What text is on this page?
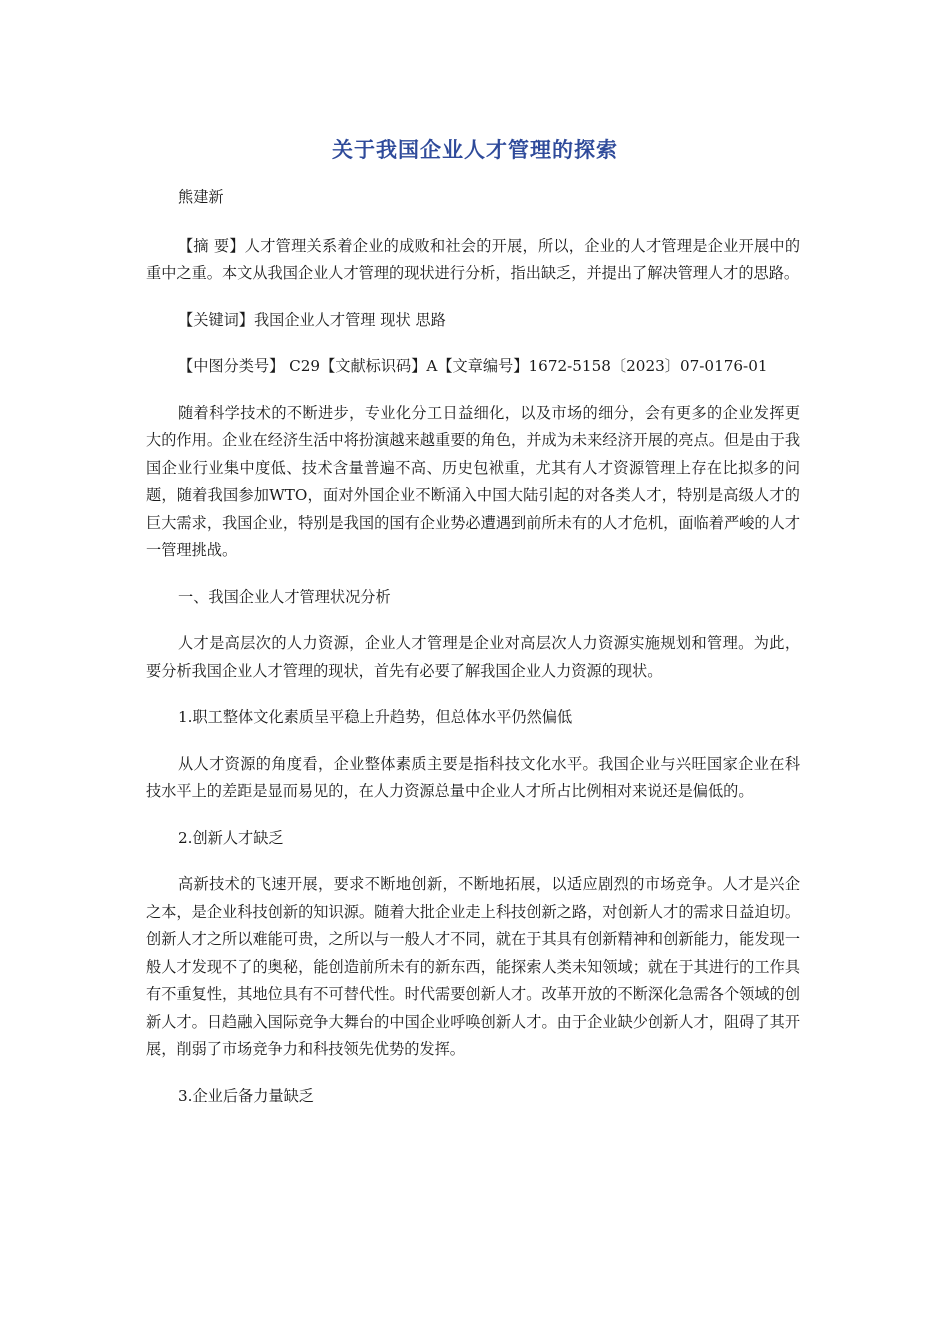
关于我国企业人才管理的探索

熊建新

【摘 要】人才管理关系着企业的成败和社会的开展，所以，企业的人才管理是企业开展中的重中之重。本文从我国企业人才管理的现状进行分析，指出缺乏，并提出了解决管理人才的思路。

【关键词】我国企业人才管理 现状 思路

【中图分类号】 C29【文献标识码】A【文章编号】1672-5158〔2023〕07-0176-01

随着科学技术的不断进步，专业化分工日益细化，以及市场的细分，会有更多的企业发挥更大的作用。企业在经济生活中将扮演越来越重要的角色，并成为未来经济开展的亮点。但是由于我国企业行业集中度低、技术含量普遍不高、历史包袱重，尤其有人才资源管理上存在比拟多的问题，随着我国参加WTO，面对外国企业不断涌入中国大陆引起的对各类人才，特别是高级人才的巨大需求，我国企业，特别是我国的国有企业势必遭遇到前所未有的人才危机，面临着严峻的人才一管理挑战。

一、我国企业人才管理状况分析

人才是高层次的人力资源，企业人才管理是企业对高层次人力资源实施规划和管理。为此，要分析我国企业人才管理的现状，首先有必要了解我国企业人力资源的现状。

1.职工整体文化素质呈平稳上升趋势，但总体水平仍然偏低

从人才资源的角度看，企业整体素质主要是指科技文化水平。我国企业与兴旺国家企业在科技水平上的差距是显而易见的，在人力资源总量中企业人才所占比例相对来说还是偏低的。

2.创新人才缺乏

高新技术的飞速开展，要求不断地创新，不断地拓展，以适应剧烈的市场竞争。人才是兴企之本，是企业科技创新的知识源。随着大批企业走上科技创新之路，对创新人才的需求日益迫切。创新人才之所以难能可贵，之所以与一般人才不同，就在于其具有创新精神和创新能力，能发现一般人才发现不了的奥秘，能创造前所未有的新东西，能探索人类未知领域；就在于其进行的工作具有不重复性，其地位具有不可替代性。时代需要创新人才。改革开放的不断深化急需各个领域的创新人才。日趋融入国际竞争大舞台的中国企业呼唤创新人才。由于企业缺少创新人才，阻碍了其开展，削弱了市场竞争力和科技领先优势的发挥。

3.企业后备力量缺乏
